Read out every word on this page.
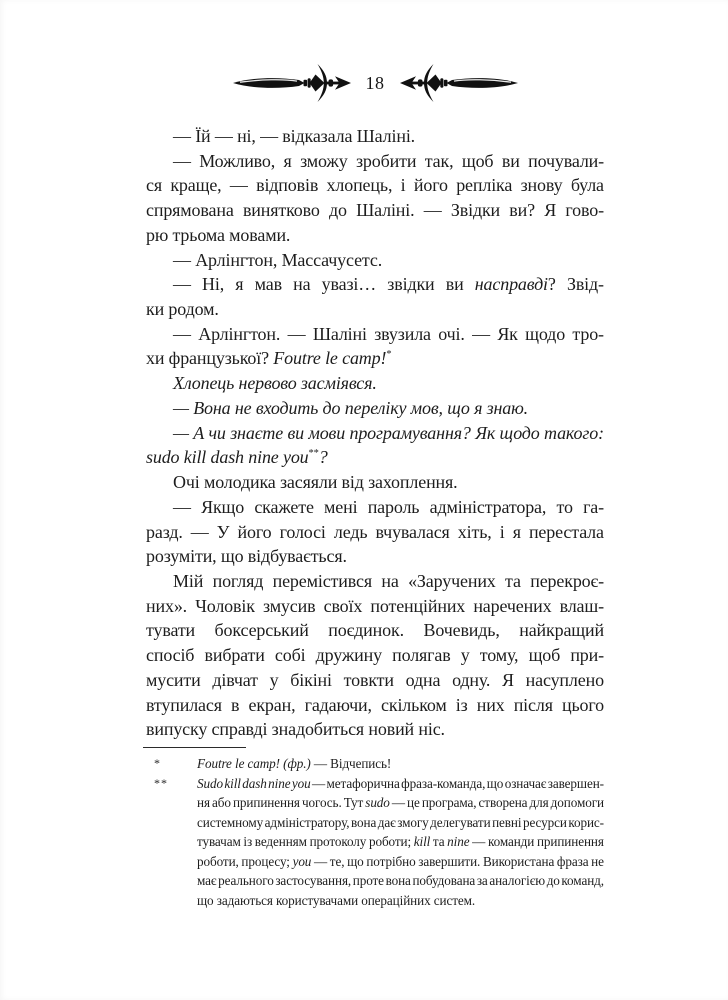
18
— Їй — ні, — відказала Шаліні.
— Можливо, я зможу зробити так, щоб ви почували-
ся краще, — відповів хлопець, і його репліка знову була
спрямована винятково до Шаліні. — Звідки ви? Я гово-
рю трьома мовами.
— Арлінгтон, Массачусетс.
— Ні, я мав на увазі… звідки ви насправді? Звід-
ки родом.
— Арлінгтон. — Шаліні звузила очі. — Як щодо тро-
хи французької? Foutre le camp!*
Хлопець нервово засміявся.
— Вона не входить до переліку мов, що я знаю.
— А чи знаєте ви мови програмування? Як щодо такого:
sudo kill dash nine you**?
Очі молодика засяяли від захоплення.
— Якщо скажете мені пароль адміністратора, то га-
разд. — У його голосі ледь вчувалася хіть, і я перестала
розуміти, що відбувається.
Мій погляд перемістився на «Заручених та перекроє-
них». Чоловік змусив своїх потенційних наречених влаш-
тувати боксерський поєдинок. Вочевидь, найкращий
спосіб вибрати собі дружину полягав у тому, щоб при-
мусити дівчат у бікіні товкти одна одну. Я насуплено
втупилася в екран, гадаючи, скільком із них після цього
випуску справді знадобиться новий ніс.
*	Foutre le camp! (фр.) — Відчепись!
**	Sudo kill dash nine you — метафорична фраза-команда, що означає завершен-
ня або припинення чогось. Тут sudo — це програма, створена для допомоги
системному адміністратору, вона дає змогу делегувати певні ресурси корис-
тувачам із веденням протоколу роботи; kill та nine — команди припинення
роботи, процесу; you — те, що потрібно завершити. Використана фраза не
має реального застосування, проте вона побудована за аналогією до команд,
що задаються користувачами операційних систем.
